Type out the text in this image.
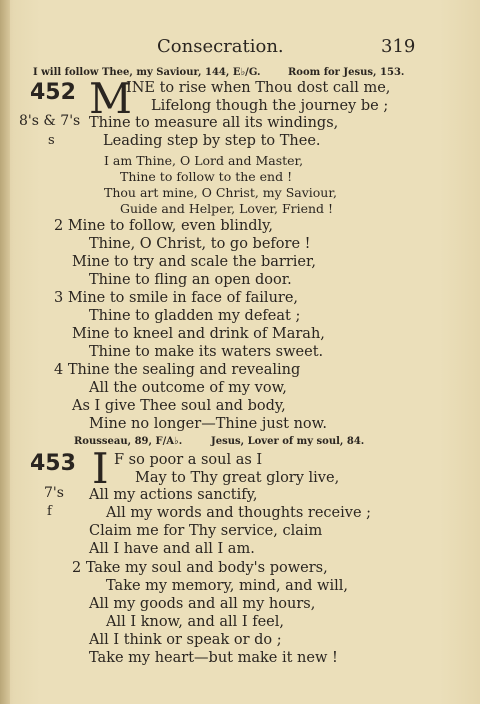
Consecration.	319
I will follow Thee, my Saviour, 144, E♭/G.	Room for Jesus, 153.
452 M
8's & 7's
s
INE to rise when Thou dost call me,
Lifelong though the journey be ;
Thine to measure all its windings,
Leading step by step to Thee.
I am Thine, O Lord and Master,
Thine to follow to the end !
Thou art mine, O Christ, my Saviour,
Guide and Helper, Lover, Friend !
2 Mine to follow, even blindly,
Thine, O Christ, to go before !
Mine to try and scale the barrier,
Thine to fling an open door.
3 Mine to smile in face of failure,
Thine to gladden my defeat ;
Mine to kneel and drink of Marah,
Thine to make its waters sweet.
4 Thine the sealing and revealing
All the outcome of my vow,
As I give Thee soul and body,
Mine no longer—Thine just now.
Rousseau, 89, F/A♭.	Jesus, Lover of my soul, 84.
453 I
7's
f
F so poor a soul as I
May to Thy great glory live,
All my actions sanctify,
All my words and thoughts receive ;
Claim me for Thy service, claim
All I have and all I am.
2 Take my soul and body's powers,
Take my memory, mind, and will,
All my goods and all my hours,
All I know, and all I feel,
All I think or speak or do ;
Take my heart—but make it new !
